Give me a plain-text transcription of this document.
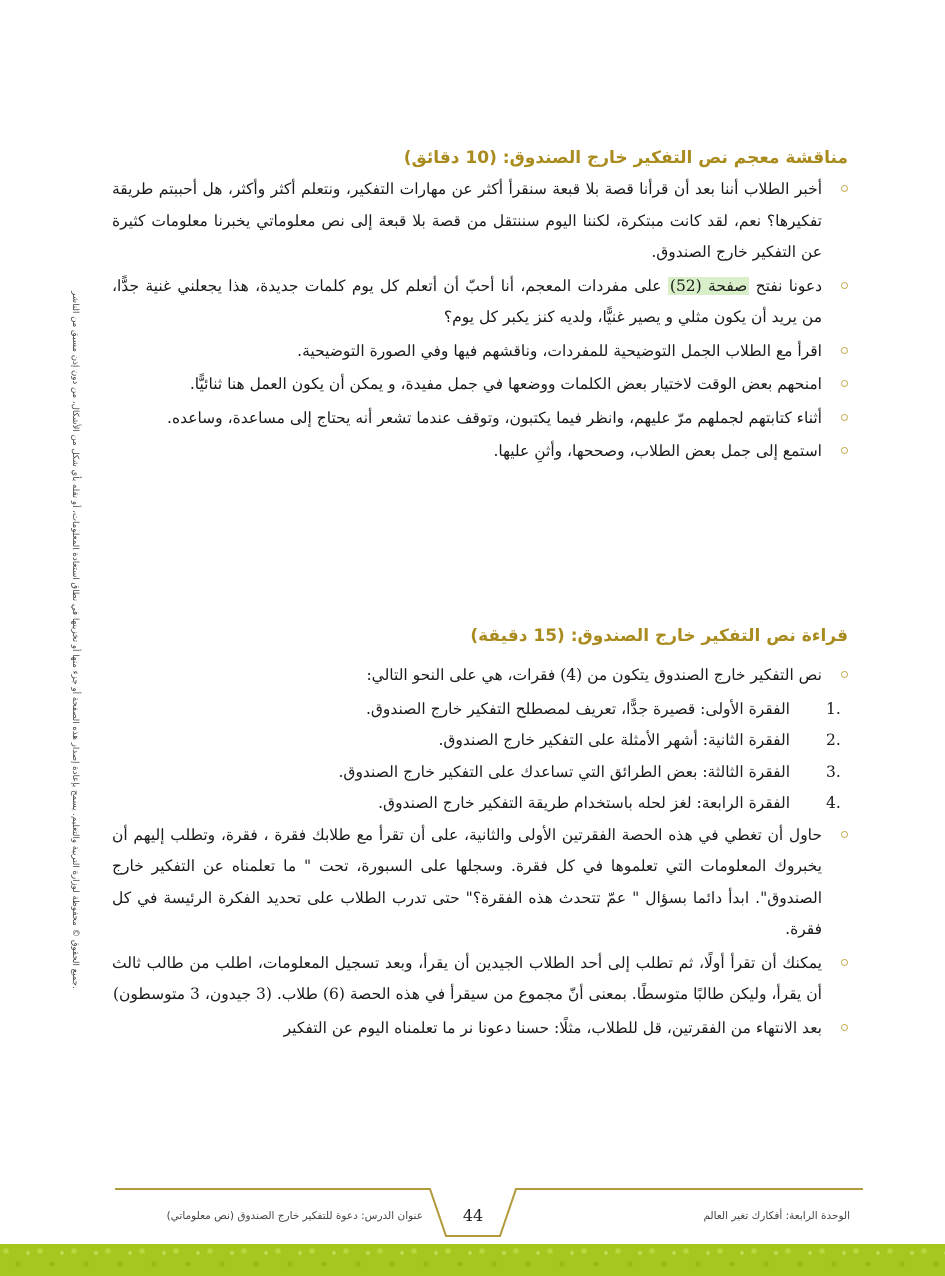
جميع الحقوق © محفوظة لوزارة التربية والتعليم. يسمح بإعادة إصدار هذه الصفحة أو جزء منها أو تخزينها في نطاق استعادة المعلومات، أو نقله بأي شكل من الأشكال، من دون إذن مسبق من الناشر.
مناقشة معجم نص التفكير خارج الصندوق: (10 دقائق)
أخبر الطلاب أننا بعد أن قرأنا قصة بلا قبعة سنقرأ أكثر عن مهارات التفكير، ونتعلم أكثر وأكثر، هل أحببتم طريقة تفكيرها؟ نعم، لقد كانت مبتكرة، لكننا اليوم سننتقل من قصة بلا قبعة إلى نص معلوماتي يخبرنا معلومات كثيرة عن التفكير خارج الصندوق.
دعونا نفتح صفحة (52) على مفردات المعجم، أنا أحبّ أن أتعلم كل يوم كلمات جديدة، هذا يجعلني غنية جدًّا، من يريد أن يكون مثلي و يصير غنيًّا، ولديه كنز يكبر كل يوم؟
اقرأ مع الطلاب الجمل التوضيحية للمفردات، وناقشهم فيها وفي الصورة التوضيحية.
امنحهم بعض الوقت لاختيار بعض الكلمات ووضعها في جمل مفيدة، و يمكن أن يكون العمل هنا ثنائيًّا.
أثناء كتابتهم لجملهم مرّ عليهم، وانظر فيما يكتبون، وتوقف عندما تشعر أنه يحتاج إلى مساعدة، وساعده.
استمع إلى جمل بعض الطلاب، وصححها، وأثنِ عليها.
قراءة نص التفكير خارج الصندوق: (15 دقيقة)
نص التفكير خارج الصندوق يتكون من (4) فقرات، هي على النحو التالي:
1.
الفقرة الأولى: قصيرة جدًّا، تعريف لمصطلح التفكير خارج الصندوق.
2.
الفقرة الثانية: أشهر الأمثلة على التفكير خارج الصندوق.
3.
الفقرة الثالثة: بعض الطرائق التي تساعدك على التفكير خارج الصندوق.
4.
الفقرة الرابعة: لغز لحله باستخدام طريقة التفكير خارج الصندوق.
حاول أن تغطي في هذه الحصة الفقرتين الأولى والثانية، على أن تقرأ مع طلابك فقرة ، فقرة، وتطلب إليهم أن يخبروك المعلومات التي تعلموها في كل فقرة. وسجلها على السبورة، تحت " ما تعلمناه عن التفكير خارج الصندوق". ابدأ دائما بسؤال " عمّ تتحدث هذه الفقرة؟" حتى تدرب الطلاب على تحديد الفكرة الرئيسة في كل فقرة.
يمكنك أن تقرأ أولًا، ثم تطلب إلى أحد الطلاب الجيدين أن يقرأ، وبعد تسجيل المعلومات، اطلب من طالب ثالث أن يقرأ، وليكن طالبًا متوسطًا. بمعنى أنّ مجموع من سيقرأ في هذه الحصة (6) طلاب. (3 جيدون، 3 متوسطون)
بعد الانتهاء من الفقرتين، قل للطلاب، مثلًا: حسنا دعونا نر ما تعلمناه اليوم عن التفكير
الوحدة الرابعة: أفكارك تغير العالم
44
عنوان الدرس: دعوة للتفكير خارج الصندوق (نص معلوماتي)
